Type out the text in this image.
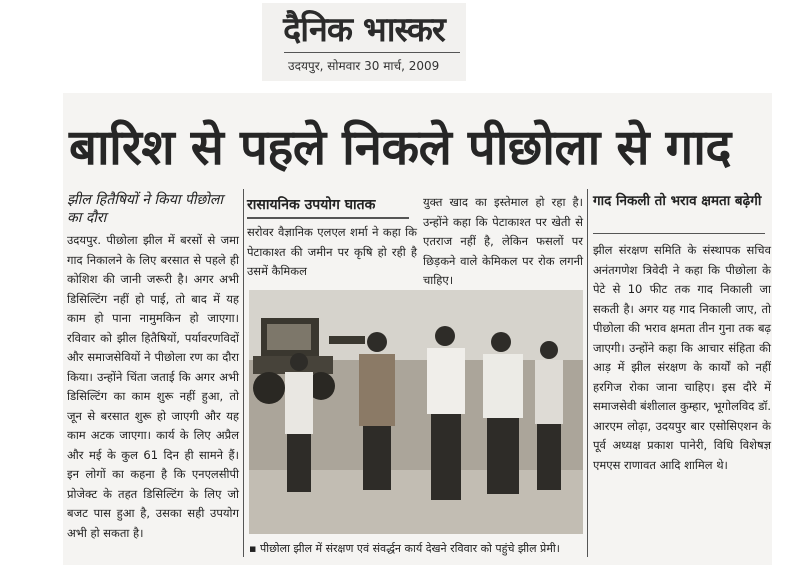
दैनिक भास्कर
उदयपुर, सोमवार 30 मार्च, 2009
बारिश से पहले निकले पीछोला से गाद
झील हितैषियों ने किया पीछोला का दौरा
उदयपुर. पीछोला झील में बरसों से जमा गाद निकालने के लिए बरसात से पहले ही कोशिश की जानी जरूरी है। अगर अभी डिसिल्टिंग नहीं हो पाई, तो बाद में यह काम हो पाना नामुमकिन हो जाएगा। रविवार को झील हितैषियों, पर्यावरणविदों और समाजसेवियों ने पीछोला रण का दौरा किया। उन्होंने चिंता जताई कि अगर अभी डिसिल्टिंग का काम शुरू नहीं हुआ, तो जून से बरसात शुरू हो जाएगी और यह काम अटक जाएगा। कार्य के लिए अप्रैल और मई के कुल 61 दिन ही सामने हैं। इन लोगों का कहना है कि एनएलसीपी प्रोजेक्ट के तहत डिसिल्टिंग के लिए जो बजट पास हुआ है, उसका सही उपयोग अभी हो सकता है।
रासायनिक उपयोग घातक
सरोवर वैज्ञानिक एलएल शर्मा ने कहा कि पेटाकाश्त की जमीन पर कृषि हो रही है उसमें कैमिकल
युक्त खाद का इस्तेमाल हो रहा है। उन्होंने कहा कि पेटाकाश्त पर खेती से एतराज नहीं है, लेकिन फसलों पर छिड़कने वाले केमिकल पर रोक लगनी चाहिए।
गाद निकली तो भराव क्षमता बढ़ेगी
झील संरक्षण समिति के संस्थापक सचिव अनंतगणेश त्रिवेदी ने कहा कि पीछोला के पेटे से 10 फीट तक गाद निकाली जा सकती है। अगर यह गाद निकाली जाए, तो पीछोला की भराव क्षमता तीन गुना तक बढ़ जाएगी। उन्होंने कहा कि आचार संहिता की आड़ में झील संरक्षण के कार्यों को नहीं हरगिज रोका जाना चाहिए। इस दौरे में समाजसेवी बंशीलाल कुम्हार, भूगोलविद डॉ. आरएम लोढ़ा, उदयपुर बार एसोसिएशन के पूर्व अध्यक्ष प्रकाश पानेरी, विधि विशेषज्ञ एमएस राणावत आदि शामिल थे।
▪ पीछोला झील में संरक्षण एवं संवर्द्धन कार्य देखने रविवार को पहुंचे झील प्रेमी।
